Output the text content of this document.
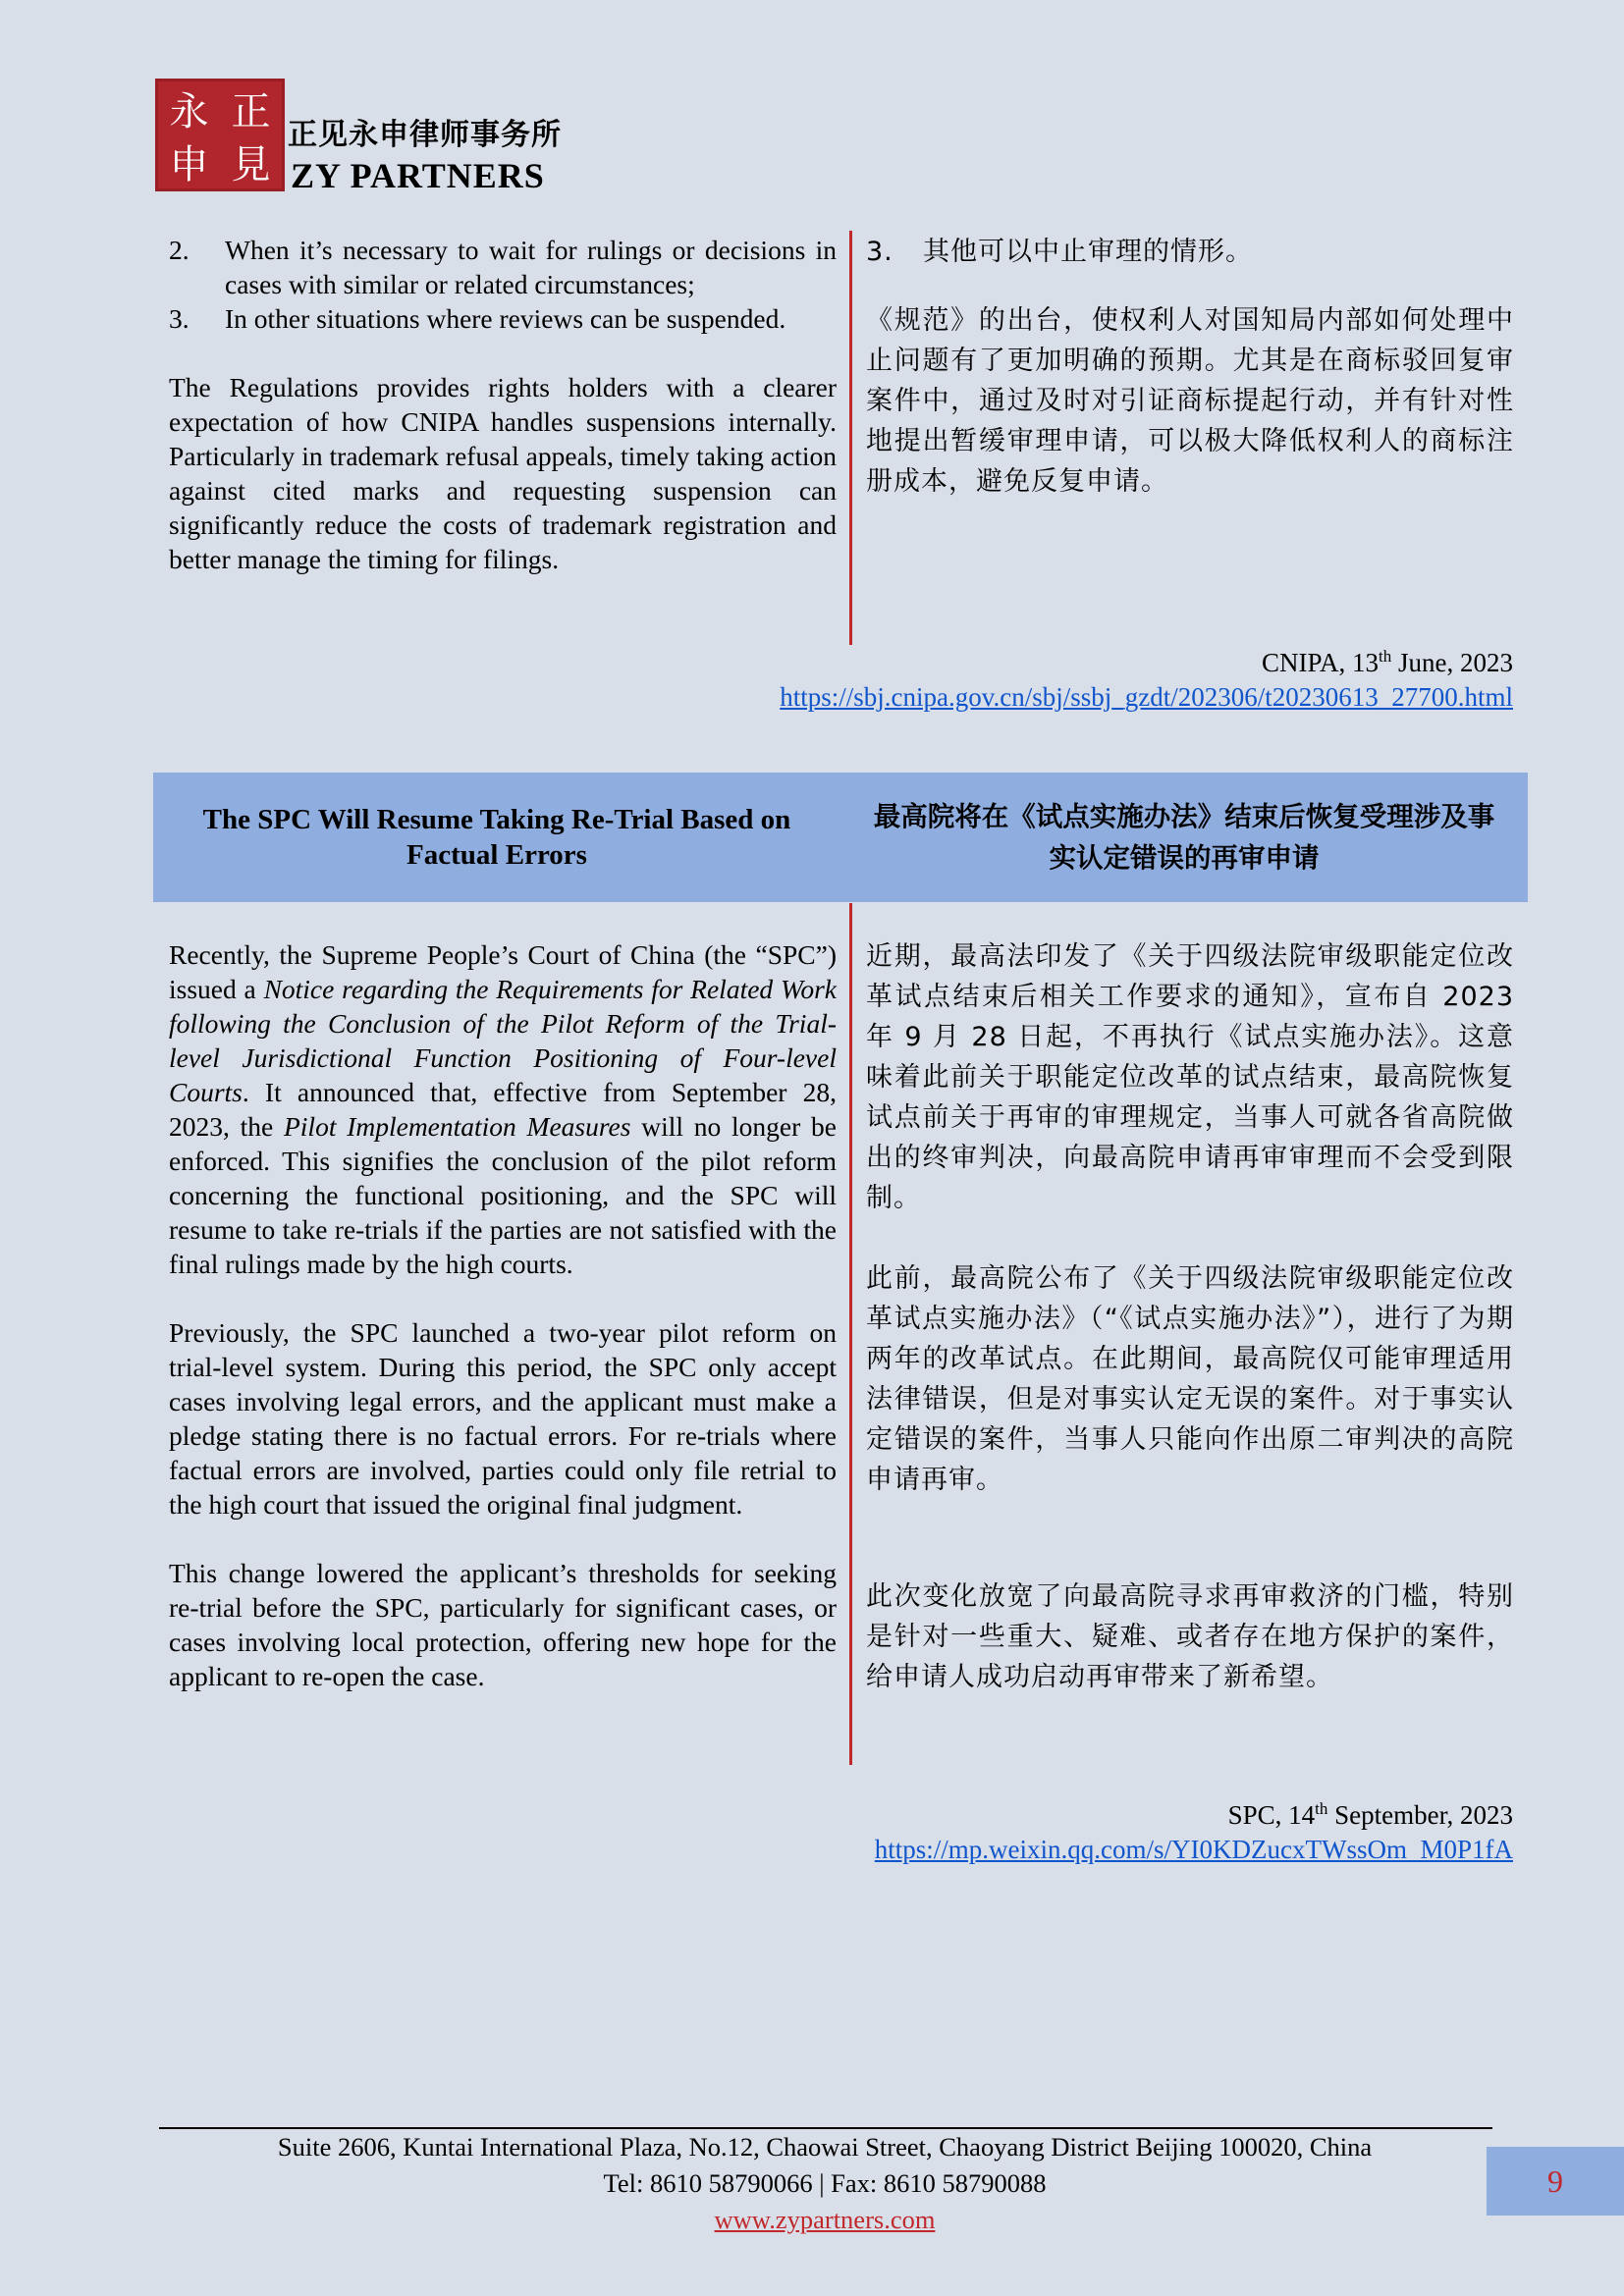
永 正
申 見
正见永申律师事务所
ZY PARTNERS
2. When it’s necessary to wait for rulings or decisions in cases with similar or related circumstances;
3. In other situations where reviews can be suspended.

The Regulations provides rights holders with a clearer expectation of how CNIPA handles suspensions internally. Particularly in trademark refusal appeals, timely taking action against cited marks and requesting suspension can significantly reduce the costs of trademark registration and better manage the timing for filings.

3. 其他可以中止审理的情形。

《规范》的出台，使权利人对国知局内部如何处理中止问题有了更加明确的预期。尤其是在商标驳回复审案件中，通过及时对引证商标提起行动，并有针对性地提出暂缓审理申请，可以极大降低权利人的商标注册成本，避免反复申请。

CNIPA, 13th June, 2023
https://sbj.cnipa.gov.cn/sbj/ssbj_gzdt/202306/t20230613_27700.html
The SPC Will Resume Taking Re-Trial Based on Factual Errors
最高院将在《试点实施办法》结束后恢复受理涉及事实认定错误的再审申请

Recently, the Supreme People’s Court of China (the “SPC”) issued a Notice regarding the Requirements for Related Work following the Conclusion of the Pilot Reform of the Trial-level Jurisdictional Function Positioning of Four-level Courts. It announced that, effective from September 28, 2023, the Pilot Implementation Measures will no longer be enforced. This signifies the conclusion of the pilot reform concerning the functional positioning, and the SPC will resume to take re-trials if the parties are not satisfied with the final rulings made by the high courts.

Previously, the SPC launched a two-year pilot reform on trial-level system. During this period, the SPC only accept cases involving legal errors, and the applicant must make a pledge stating there is no factual errors. For re-trials where factual errors are involved, parties could only file retrial to the high court that issued the original final judgment.

This change lowered the applicant’s thresholds for seeking re-trial before the SPC, particularly for significant cases, or cases involving local protection, offering new hope for the applicant to re-open the case.

近期，最高法印发了《关于四级法院审级职能定位改革试点结束后相关工作要求的通知》，宣布自 2023 年 9 月 28 日起，不再执行《试点实施办法》。这意味着此前关于职能定位改革的试点结束，最高院恢复试点前关于再审的审理规定，当事人可就各省高院做出的终审判决，向最高院申请再审审理而不会受到限制。

此前，最高院公布了《关于四级法院审级职能定位改革试点实施办法》（“《试点实施办法》”），进行了为期两年的改革试点。在此期间，最高院仅可能审理适用法律错误，但是对事实认定无误的案件。对于事实认定错误的案件，当事人只能向作出原二审判决的高院申请再审。

此次变化放宽了向最高院寻求再审救济的门槛，特别是针对一些重大、疑难、或者存在地方保护的案件，给申请人成功启动再审带来了新希望。

SPC, 14th September, 2023
https://mp.weixin.qq.com/s/YI0KDZucxTWssOm_M0P1fA
Suite 2606, Kuntai International Plaza, No.12, Chaowai Street, Chaoyang District Beijing 100020, China
Tel: 8610 58790066 | Fax: 8610 58790088
www.zypartners.com
9
